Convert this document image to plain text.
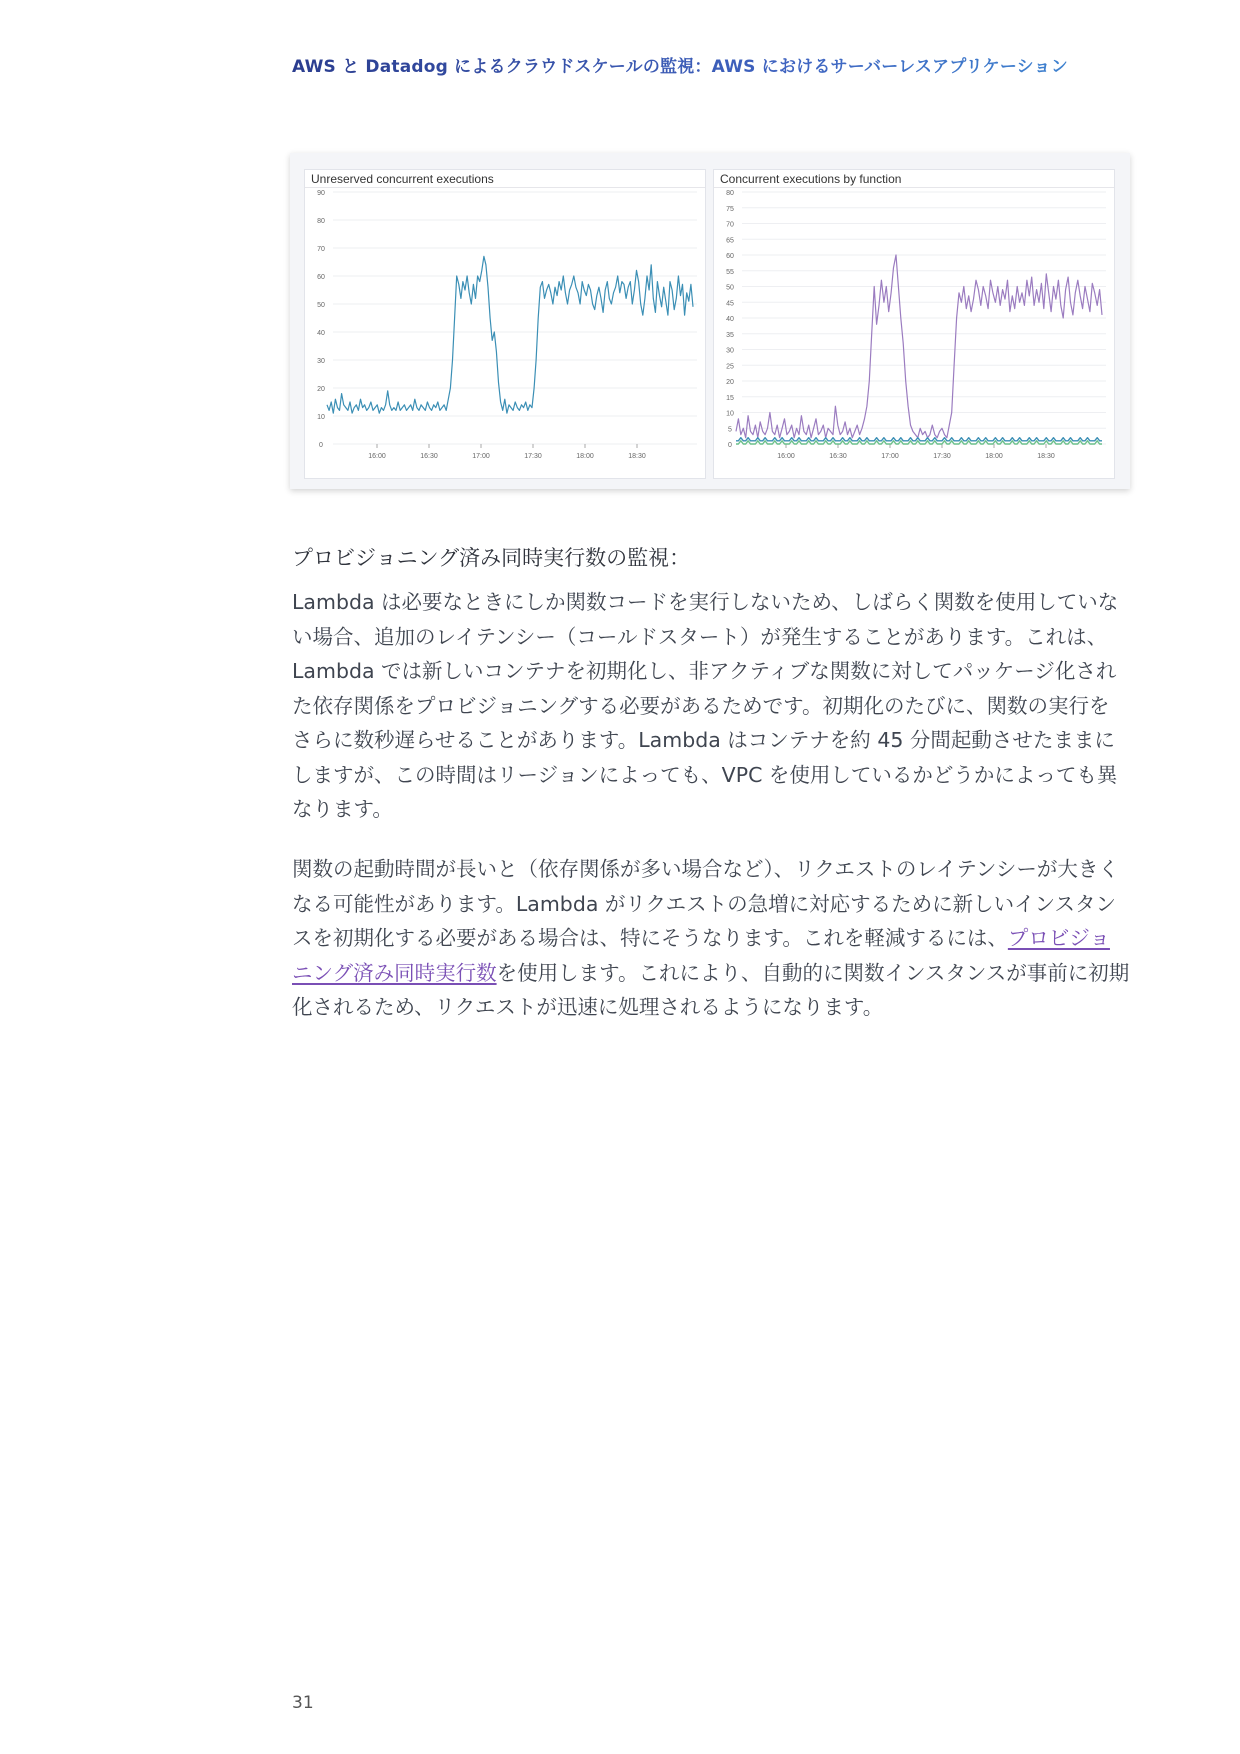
AWS と Datadog によるクラウドスケールの監視：AWS におけるサーバーレスアプリケーション
Unreserved concurrent executions
0
10
20
30
40
50
60
70
80
90
16:00	16:30	17:00	17:30	18:00	18:30
Concurrent executions by function
0
5
10
15
20
25
30
35
40
45
50
55
60
65
70
75
80
16:00	16:30	17:00	17:30	18:00	18:30
プロビジョニング済み同時実行数の監視：
Lambda は必要なときにしか関数コードを実行しないため、しばらく関数を使用していない場合、追加のレイテンシー（コールドスタート）が発生することがあります。これは、Lambda では新しいコンテナを初期化し、非アクティブな関数に対してパッケージ化された依存関係をプロビジョニングする必要があるためです。初期化のたびに、関数の実行をさらに数秒遅らせることがあります。Lambda はコンテナを約 45 分間起動させたままにしますが、この時間はリージョンによっても、VPC を使用しているかどうかによっても異なります。
関数の起動時間が長いと（依存関係が多い場合など）、リクエストのレイテンシーが大きくなる可能性があります。Lambda がリクエストの急増に対応するために新しいインスタンスを初期化する必要がある場合は、特にそうなります。これを軽減するには、プロビジョニング済み同時実行数を使用します。これにより、自動的に関数インスタンスが事前に初期化されるため、リクエストが迅速に処理されるようになります。
31
